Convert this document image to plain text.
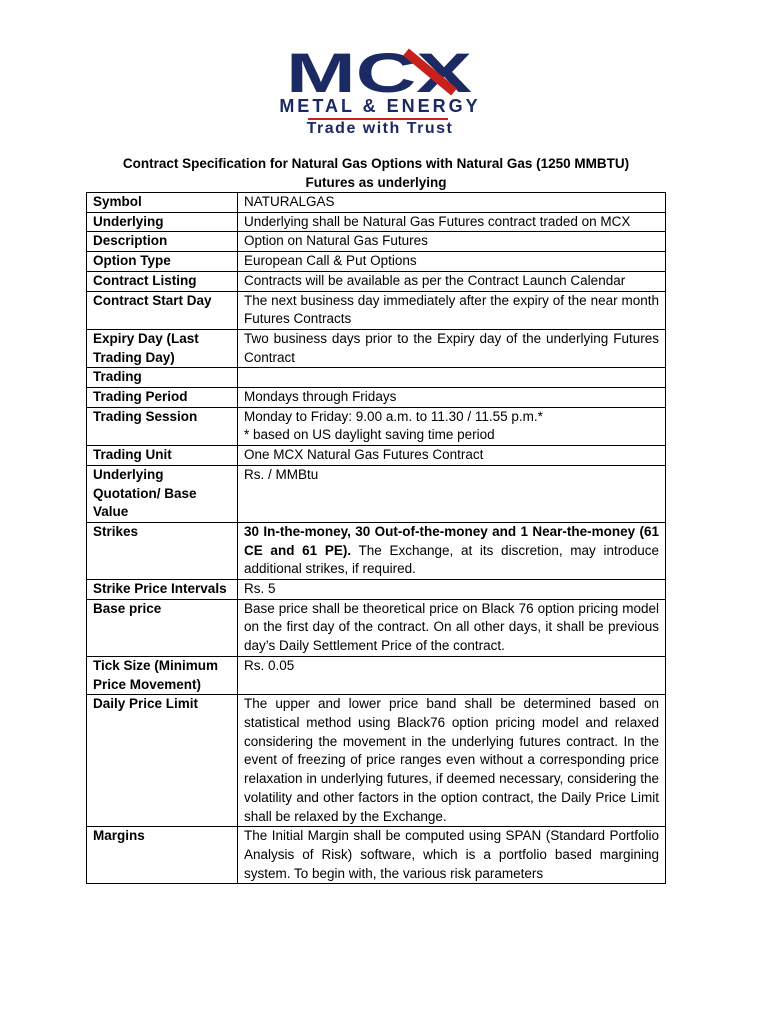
MCX
METAL & ENERGY
Trade with Trust
Contract Specification for Natural Gas Options with Natural Gas (1250 MMBTU)
Futures as underlying
Symbol	NATURALGAS
Underlying	Underlying shall be Natural Gas Futures contract traded on MCX
Description	Option on Natural Gas Futures
Option Type	European Call & Put Options
Contract Listing	Contracts will be available as per the Contract Launch Calendar
Contract Start Day	The next business day immediately after the expiry of the near month Futures Contracts
Expiry Day (Last Trading Day)	Two business days prior to the Expiry day of the underlying Futures Contract
Trading	
Trading Period	Mondays through Fridays
Trading Session	Monday to Friday: 9.00 a.m. to 11.30 / 11.55 p.m.*
* based on US daylight saving time period

Trading Unit	One MCX Natural Gas Futures Contract
Underlying Quotation/ Base Value	Rs. / MMBtu
Strikes	30 In-the-money, 30 Out-of-the-money and 1 Near-the-money (61 CE and 61 PE). The Exchange, at its discretion, may introduce additional strikes, if required.
Strike Price Intervals	Rs. 5
Base price	Base price shall be theoretical price on Black 76 option pricing model on the first day of the contract. On all other days, it shall be previous day’s Daily Settlement Price of the contract.
Tick Size (Minimum Price Movement)	Rs. 0.05
Daily Price Limit	The upper and lower price band shall be determined based on statistical method using Black76 option pricing model and relaxed considering the movement in the underlying futures contract. In the event of freezing of price ranges even without a corresponding price relaxation in underlying futures, if deemed necessary, considering the volatility and other factors in the option contract, the Daily Price Limit shall be relaxed by the Exchange.
Margins	The Initial Margin shall be computed using SPAN (Standard Portfolio Analysis of Risk) software, which is a portfolio based margining system. To begin with, the various risk parameters
